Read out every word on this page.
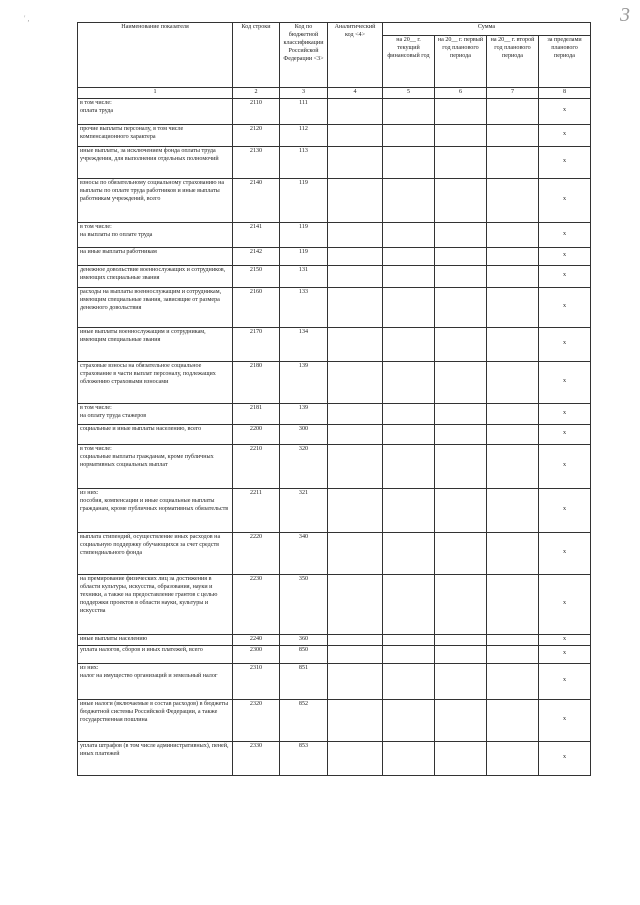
3
' ,
Наименование показателя	Код строки	Код по бюджетной классификации Российской Федерации <3>	Аналитический код <4>	Сумма			
				на 20__ г. текущий финансовый год	на 20__ г. первый год планового периода	на 20__ г. второй год планового периода	за пределами планового периода
1	2	3	4	5	6	7	8

в том числе:
оплата труда	2110	111					x
прочие выплаты персоналу, в том числе компенсационного характера	2120	112					x
иные выплаты, за исключением фонда оплаты труда учреждения, для выполнения отдельных полномочий	2130	113					x
взносы по обязательному социальному страхованию на выплаты по оплате труда работников и иные выплаты работникам учреждений, всего	2140	119					x

в том числе:
на выплаты по оплате труда	2141	119					x
на иные выплаты работникам	2142	119					x
денежное довольствие военнослужащих и сотрудников, имеющих специальные звания	2150	131					x
расходы на выплаты военнослужащим и сотрудникам, имеющим специальные звания, зависящие от размера денежного довольствия	2160	133					x
иные выплаты военнослужащим и сотрудникам, имеющим специальные звания	2170	134					x
страховые взносы на обязательное социальное страхование в части выплат персоналу, подлежащих обложению страховыми взносами	2180	139					x

в том числе:
на оплату труда стажеров	2181	139					x
социальные и иные выплаты населению, всего	2200	300					x

в том числе:
социальные выплаты гражданам, кроме публичных нормативных социальных выплат	2210	320					x

из них:
пособия, компенсации и иные социальные выплаты гражданам, кроме публичных нормативных обязательств	2211	321					x
выплата стипендий, осуществление иных расходов на социальную поддержку обучающихся за счет средств стипендиального фонда	2220	340					x
на премирование физических лиц за достижения в области культуры, искусства, образования, науки и техники, а также на предоставление грантов с целью поддержки проектов в области науки, культуры и искусства	2230	350					x
иные выплаты населению	2240	360					x
уплата налогов, сборов и иных платежей, всего	2300	850					x

из них:
налог на имущество организаций и земельный налог	2310	851					x
иные налоги (включаемые в состав расходов) в бюджеты бюджетной системы Российской Федерации, а также государственная пошлина	2320	852					x
уплата штрафов (в том числе административных), пеней, иных платежей	2330	853					x
